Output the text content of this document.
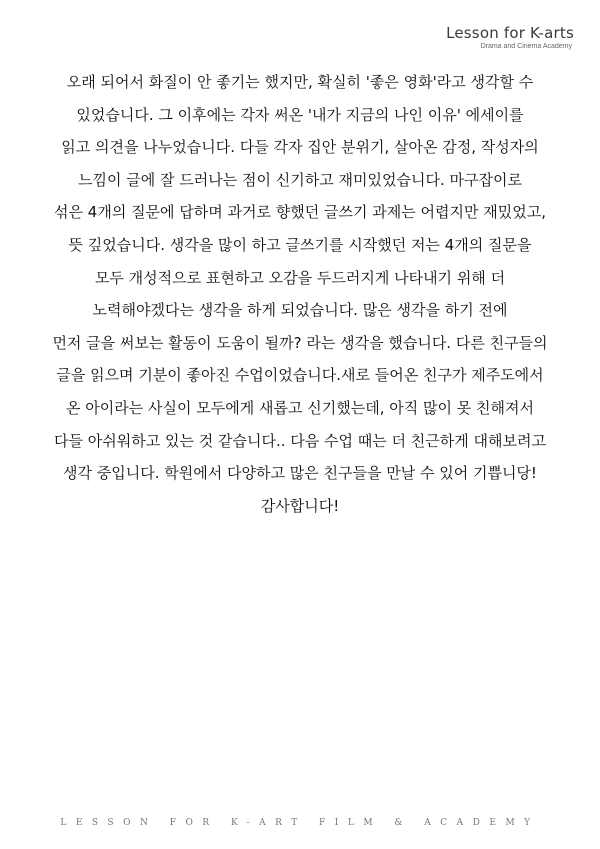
Lesson for K-arts
Drama and Cinema Academy
오래 되어서 화질이 안 좋기는 했지만, 확실히 '좋은 영화'라고 생각할 수
있었습니다. 그 이후에는 각자 써온 '내가 지금의 나인 이유' 에세이를
읽고 의견을 나누었습니다. 다들 각자 집안 분위기, 살아온 감정, 작성자의
느낌이 글에 잘 드러나는 점이 신기하고 재미있었습니다. 마구잡이로
섞은 4개의 질문에 답하며 과거로 향했던 글쓰기 과제는 어렵지만 재밌었고,
뜻 깊었습니다. 생각을 많이 하고 글쓰기를 시작했던 저는 4개의 질문을
모두 개성적으로 표현하고 오감을 두드러지게 나타내기 위해 더
노력해야겠다는 생각을 하게 되었습니다. 많은 생각을 하기 전에
먼저 글을 써보는 활동이 도움이 될까? 라는 생각을 했습니다. 다른 친구들의
글을 읽으며 기분이 좋아진 수업이었습니다.새로 들어온 친구가 제주도에서
온 아이라는 사실이 모두에게 새롭고 신기했는데, 아직 많이 못 친해져서
다들 아쉬워하고 있는 것 같습니다.. 다음 수업 때는 더 친근하게 대해보려고
생각 중입니다. 학원에서 다양하고 많은 친구들을 만날 수 있어 기쁩니당!
감사합니다!
LESSON FOR K-ART FILM & ACADEMY
